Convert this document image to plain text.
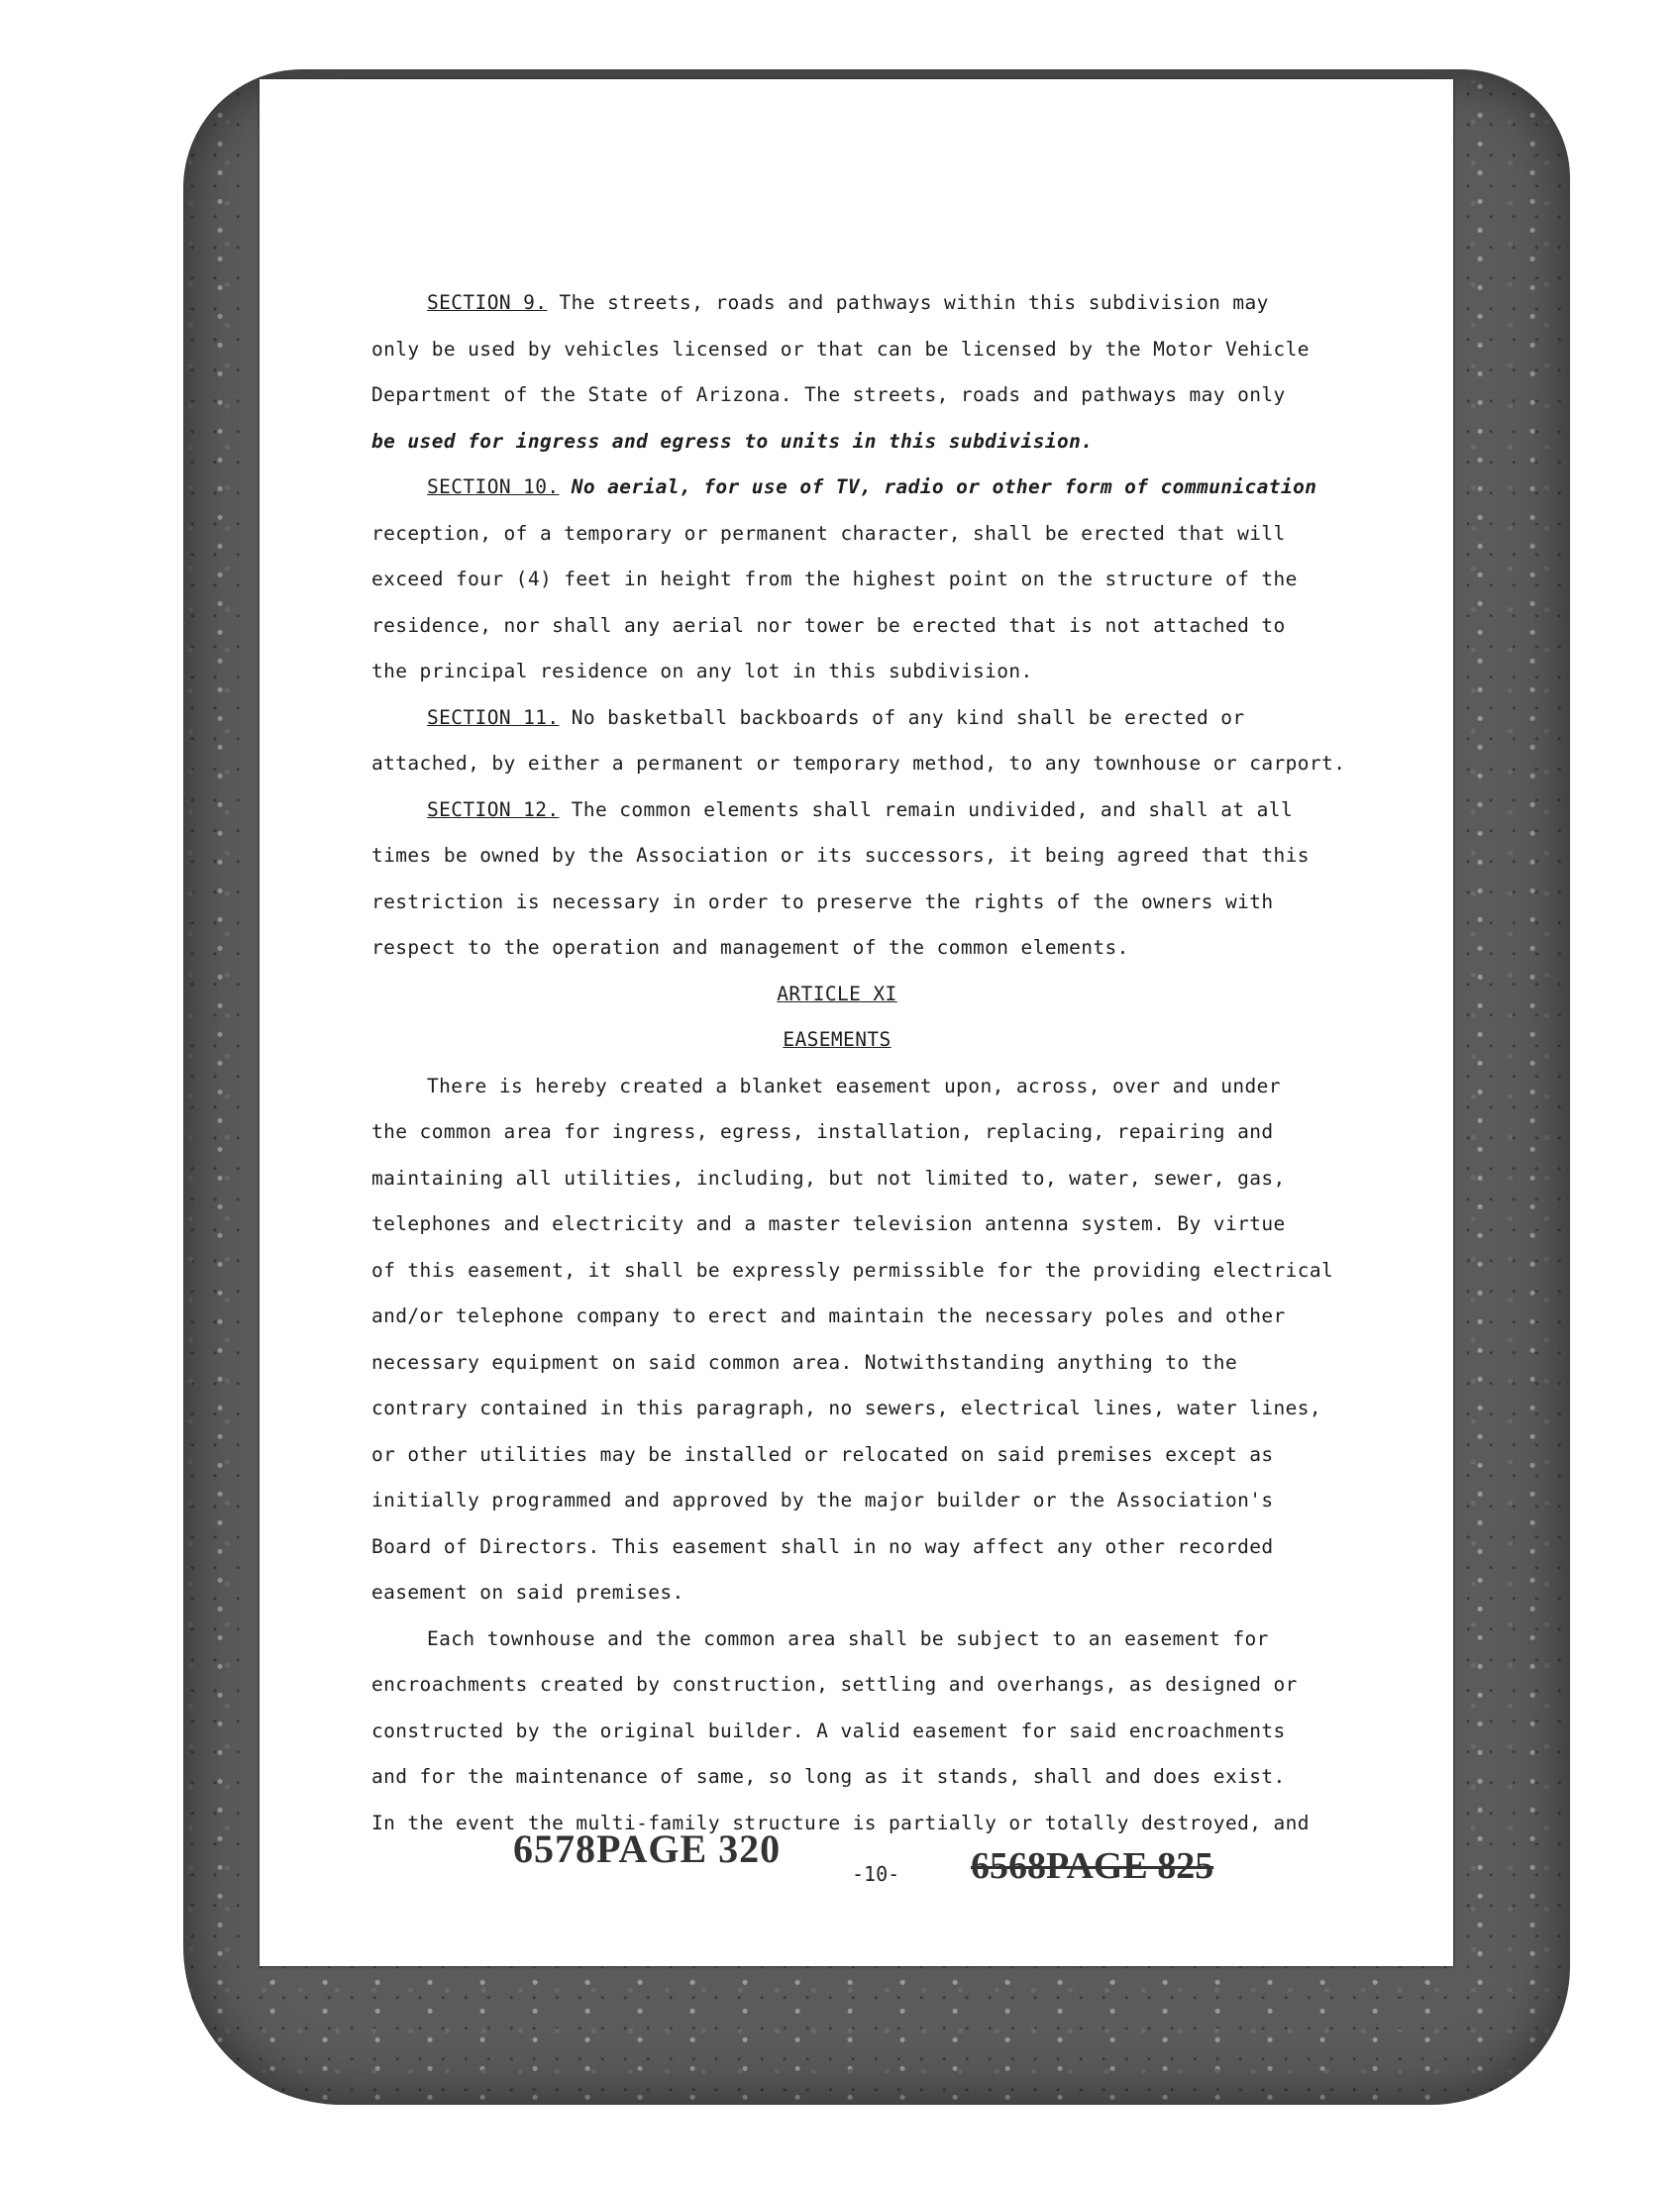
SECTION 9. The streets, roads and pathways within this subdivision may
only be used by vehicles licensed or that can be licensed by the Motor Vehicle
Department of the State of Arizona. The streets, roads and pathways may only
be used for ingress and egress to units in this subdivision.
SECTION 10. No aerial, for use of TV, radio or other form of communication
reception, of a temporary or permanent character, shall be erected that will
exceed four (4) feet in height from the highest point on the structure of the
residence, nor shall any aerial nor tower be erected that is not attached to
the principal residence on any lot in this subdivision.
SECTION 11. No basketball backboards of any kind shall be erected or
attached, by either a permanent or temporary method, to any townhouse or carport.
SECTION 12. The common elements shall remain undivided, and shall at all
times be owned by the Association or its successors, it being agreed that this
restriction is necessary in order to preserve the rights of the owners with
respect to the operation and management of the common elements.
ARTICLE XI
EASEMENTS
There is hereby created a blanket easement upon, across, over and under
the common area for ingress, egress, installation, replacing, repairing and
maintaining all utilities, including, but not limited to, water, sewer, gas,
telephones and electricity and a master television antenna system. By virtue
of this easement, it shall be expressly permissible for the providing electrical
and/or telephone company to erect and maintain the necessary poles and other
necessary equipment on said common area. Notwithstanding anything to the
contrary contained in this paragraph, no sewers, electrical lines, water lines,
or other utilities may be installed or relocated on said premises except as
initially programmed and approved by the major builder or the Association's
Board of Directors. This easement shall in no way affect any other recorded
easement on said premises.
Each townhouse and the common area shall be subject to an easement for
encroachments created by construction, settling and overhangs, as designed or
constructed by the original builder. A valid easement for said encroachments
and for the maintenance of same, so long as it stands, shall and does exist.
In the event the multi-family structure is partially or totally destroyed, and
6578PAGE 320
-10- 6568PAGE 825
